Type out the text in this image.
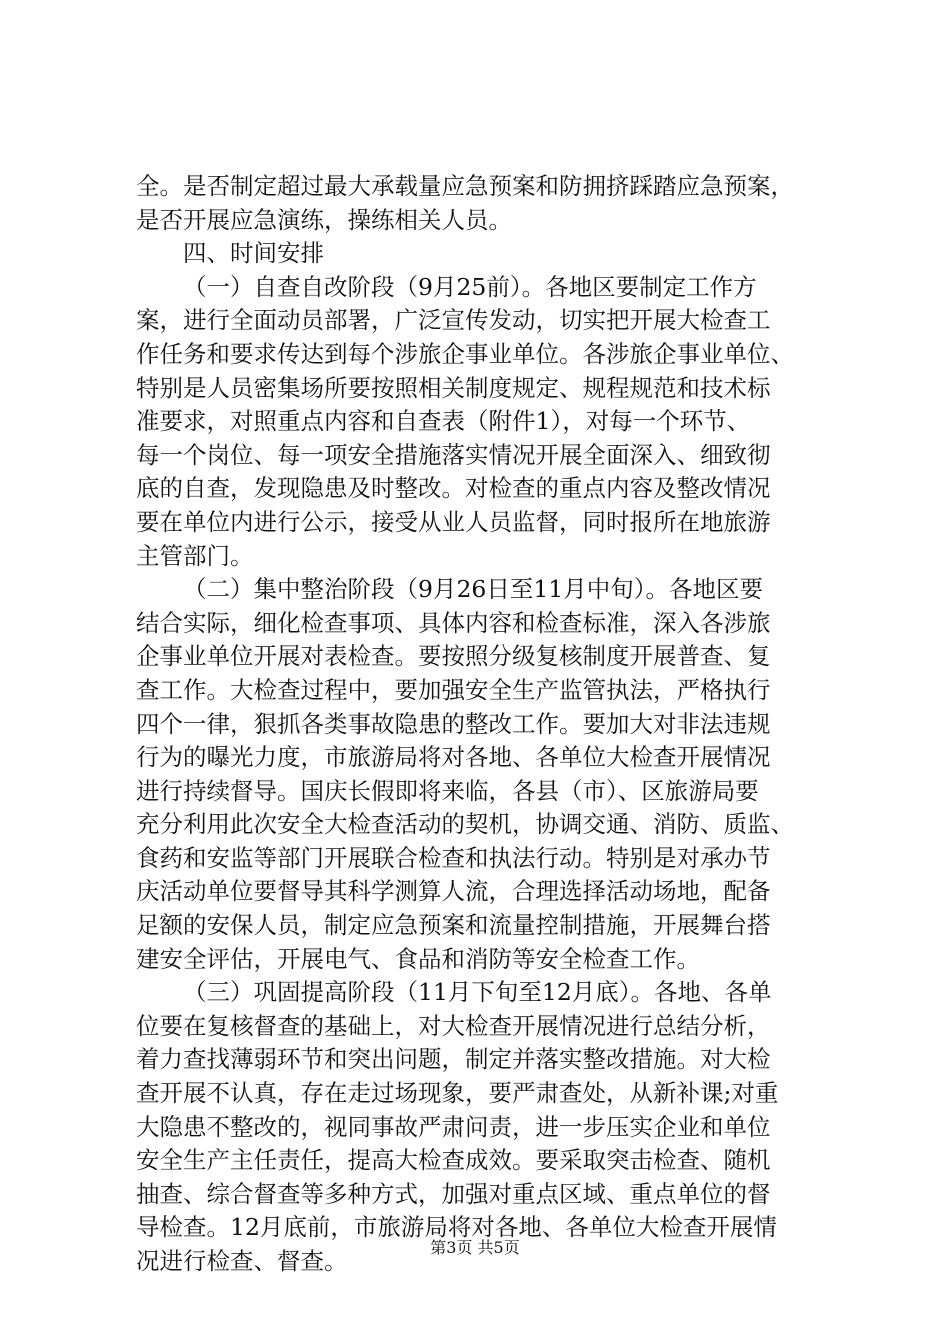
全。是否制定超过最大承载量应急预案和防拥挤踩踏应急预案，
是否开展应急演练，操练相关人员。
四、时间安排
（一）自查自改阶段（9月25前）。各地区要制定工作方
案，进行全面动员部署，广泛宣传发动，切实把开展大检查工
作任务和要求传达到每个涉旅企事业单位。各涉旅企事业单位、
特别是人员密集场所要按照相关制度规定、规程规范和技术标
准要求，对照重点内容和自查表（附件1），对每一个环节、
每一个岗位、每一项安全措施落实情况开展全面深入、细致彻
底的自查，发现隐患及时整改。对检查的重点内容及整改情况
要在单位内进行公示，接受从业人员监督，同时报所在地旅游
主管部门。
（二）集中整治阶段（9月26日至11月中旬）。各地区要
结合实际，细化检查事项、具体内容和检查标准，深入各涉旅
企事业单位开展对表检查。要按照分级复核制度开展普查、复
查工作。大检查过程中，要加强安全生产监管执法，严格执行
四个一律，狠抓各类事故隐患的整改工作。要加大对非法违规
行为的曝光力度，市旅游局将对各地、各单位大检查开展情况
进行持续督导。国庆长假即将来临，各县（市）、区旅游局要
充分利用此次安全大检查活动的契机，协调交通、消防、质监、
食药和安监等部门开展联合检查和执法行动。特别是对承办节
庆活动单位要督导其科学测算人流，合理选择活动场地，配备
足额的安保人员，制定应急预案和流量控制措施，开展舞台搭
建安全评估，开展电气、食品和消防等安全检查工作。
（三）巩固提高阶段（11月下旬至12月底）。各地、各单
位要在复核督查的基础上，对大检查开展情况进行总结分析，
着力查找薄弱环节和突出问题，制定并落实整改措施。对大检
查开展不认真，存在走过场现象，要严肃查处，从新补课;对重
大隐患不整改的，视同事故严肃问责，进一步压实企业和单位
安全生产主任责任，提高大检查成效。要采取突击检查、随机
抽查、综合督查等多种方式，加强对重点区域、重点单位的督
导检查。12月底前，市旅游局将对各地、各单位大检查开展情
况进行检查、督查。	第3页 共5页
